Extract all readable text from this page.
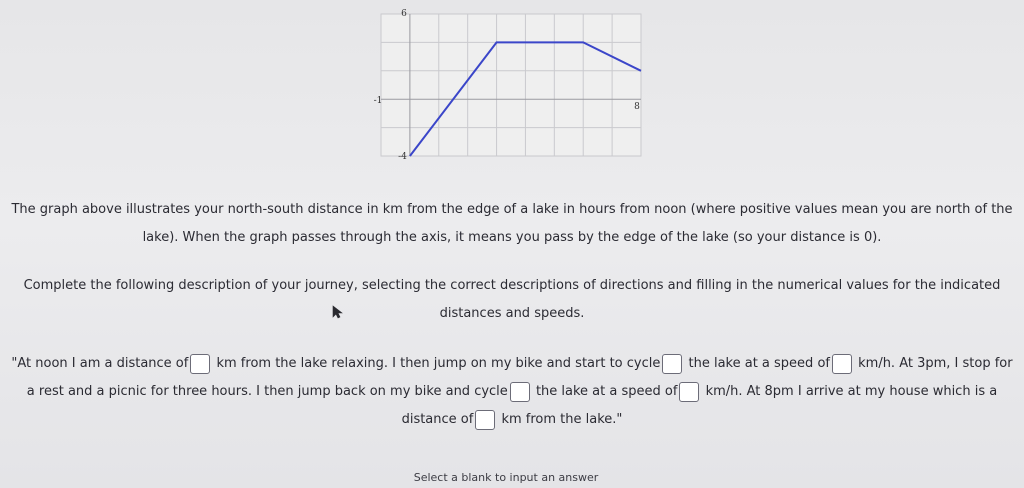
6
-4
-1
8
The graph above illustrates your north-south distance in km from the edge of a lake in hours from noon (where positive values mean you are north of the
lake). When the graph passes through the axis, it means you pass by the edge of the lake (so your distance is 0).
Complete the following description of your journey, selecting the correct descriptions of directions and filling in the numerical values for the indicated
distances and speeds.
"At noon I am a distance of km from the lake relaxing. I then jump on my bike and start to cycle the lake at a speed of km/h. At 3pm, I stop for
a rest and a picnic for three hours. I then jump back on my bike and cycle the lake at a speed of km/h. At 8pm I arrive at my house which is a
distance of km from the lake."
Select a blank to input an answer
